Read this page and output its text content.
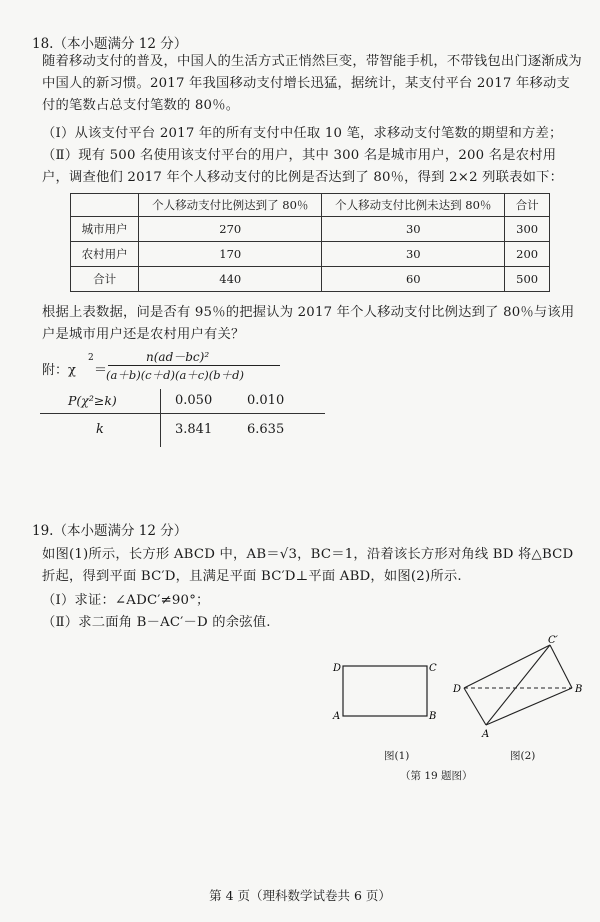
18.（本小题满分 12 分）
随着移动支付的普及，中国人的生活方式正悄然巨变，带智能手机，不带钱包出门逐渐成为中国人的新习惯。2017 年我国移动支付增长迅猛，据统计，某支付平台 2017 年移动支付的笔数占总支付笔数的 80％。
（Ⅰ）从该支付平台 2017 年的所有支付中任取 10 笔，求移动支付笔数的期望和方差；
（Ⅱ）现有 500 名使用该支付平台的用户，其中 300 名是城市用户，200 名是农村用户，调查他们 2017 年个人移动支付的比例是否达到了 80％，得到 2×2 列联表如下：
	个人移动支付比例达到了 80％	个人移动支付比例未达到 80％	合计
城市用户	270	30	300
农村用户	170	30	200
合计	440	60	500
根据上表数据，问是否有 95％的把握认为 2017 年个人移动支付比例达到了 80％与该用户是城市用户还是农村用户有关？
附：χ
2
＝
n(ad－bc)²
(a＋b)(c＋d)(a＋c)(b＋d)
P(χ²≥k)	0.050	0.010
k	3.841	6.635
19.（本小题满分 12 分）
如图(1)所示，长方形 ABCD 中，AB＝√3，BC＝1，沿着该长方形对角线 BD 将△BCD 折起，得到平面 BC′D，且满足平面 BC′D⊥平面 ABD，如图(2)所示.
（Ⅰ）求证：∠ADC′≠90°；
（Ⅱ）求二面角 B－AC′－D 的余弦值.
D	C
A	B
C′
D	B
A
图(1)	图(2)
（第 19 题图）
第 4 页（理科数学试卷共 6 页）
